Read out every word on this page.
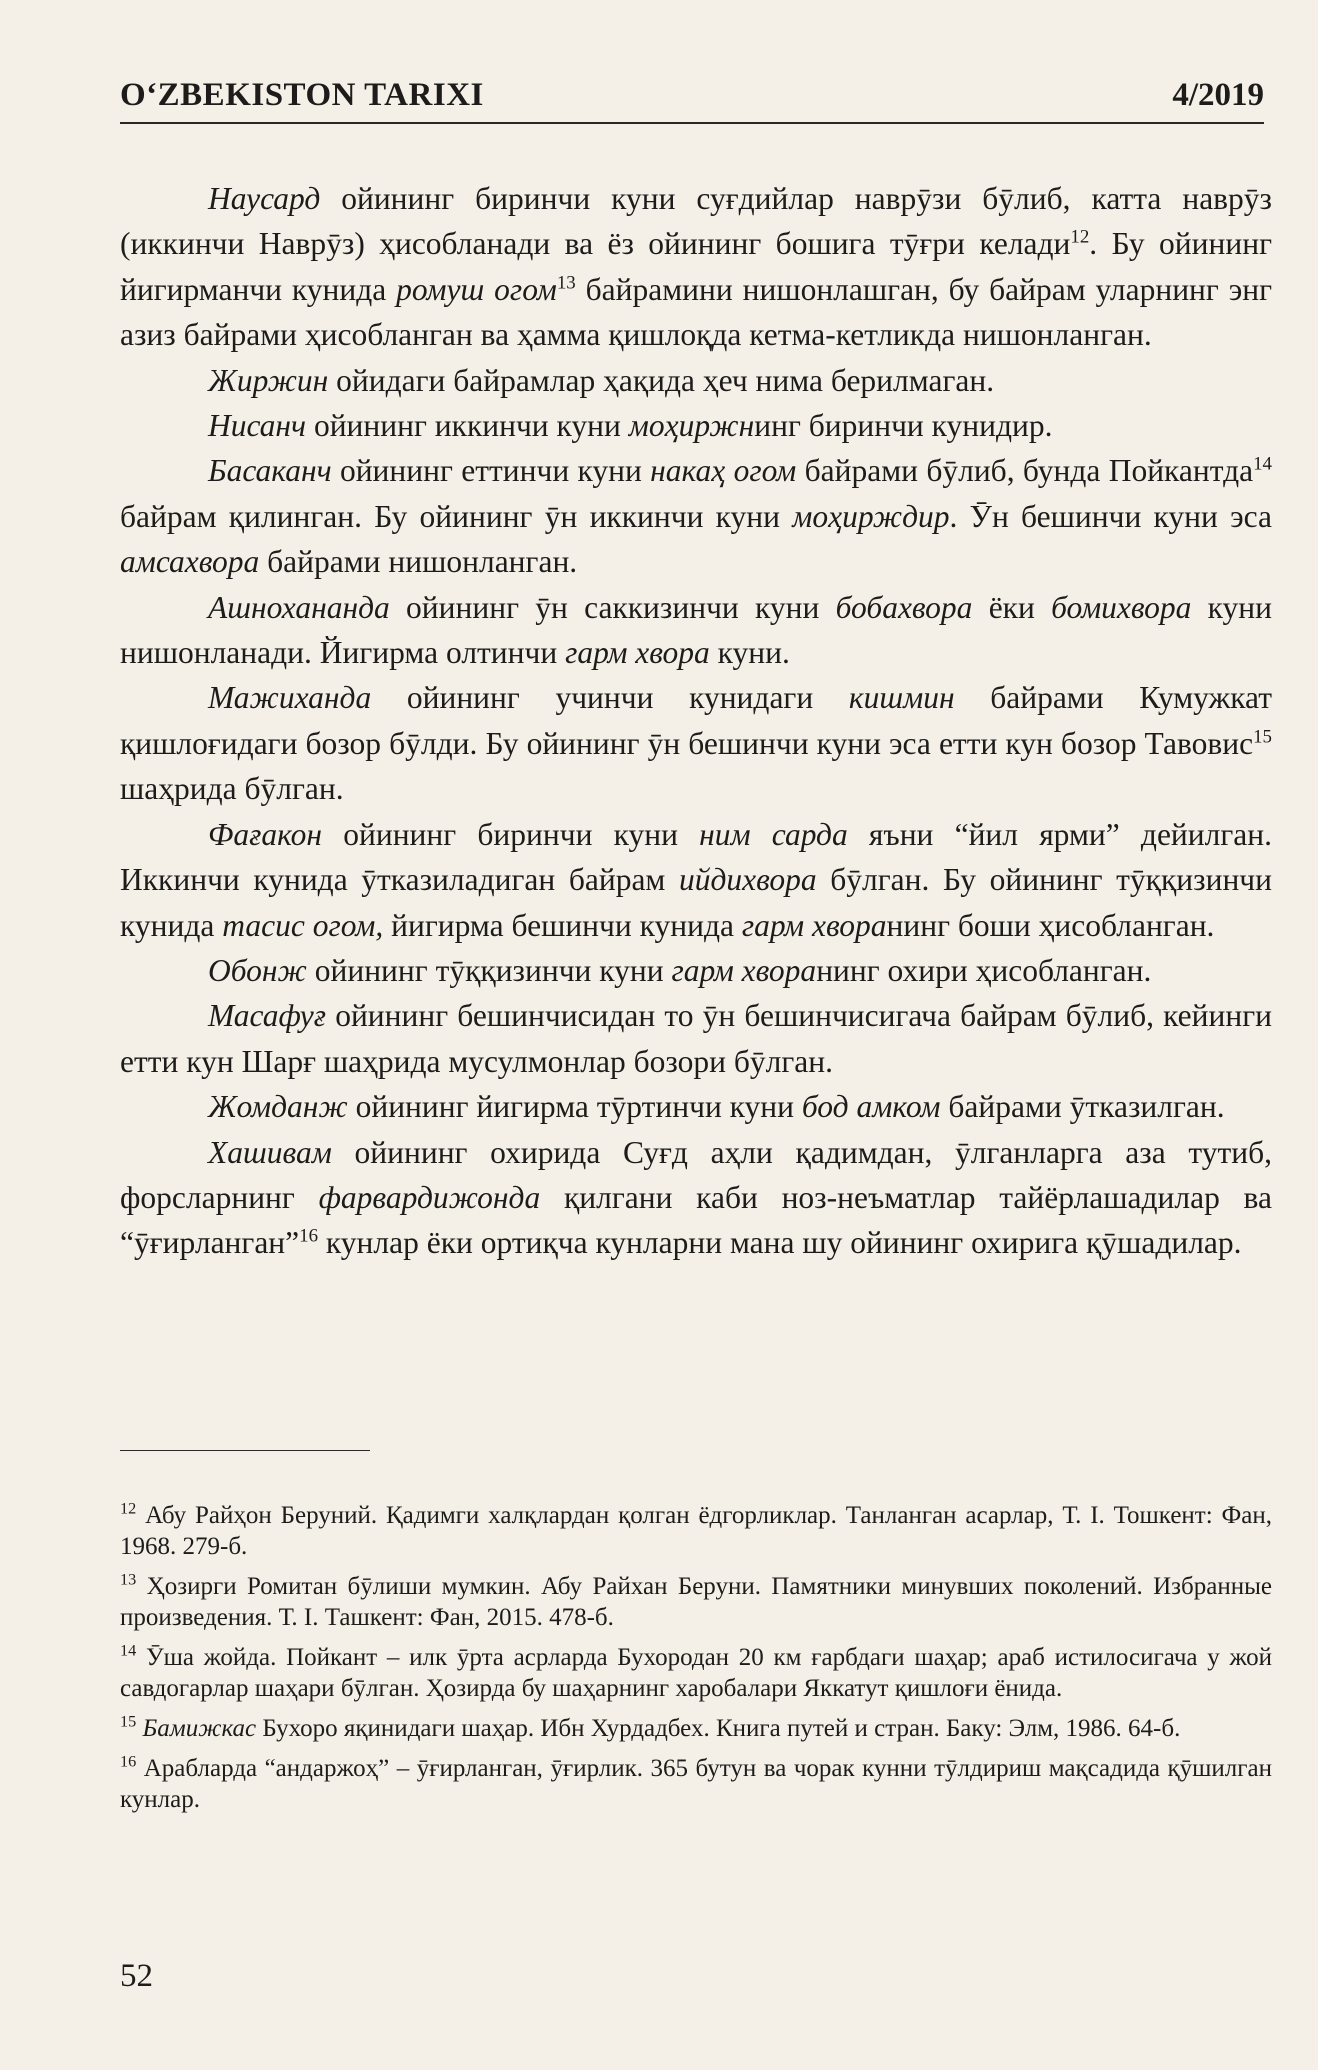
O‘ZBEKISTON TARIXI	4/2019

Наусард ойининг биринчи куни суғдийлар наврӯзи бӯлиб, катта наврӯз (иккинчи Наврӯз) ҳисобланади ва ёз ойининг бошига тӯғри келади$^{12}$. Бу ойининг йигирманчи кунида ромуш огом$^{13}$ байрамини нишонлашган, бу байрам уларнинг энг азиз байрами ҳисобланган ва ҳамма қишлоқда кетма-кетликда нишонланган.

Жиржин ойидаги байрамлар ҳақида ҳеч нима берилмаган.

Нисанч ойининг иккинчи куни моҳиржнинг биринчи кунидир.

Басаканч ойининг еттинчи куни накаҳ огом байрами бӯлиб, бунда Пойкантда$^{14}$ байрам қилинган. Бу ойининг ӯн иккинчи куни моҳирждир. Ӯн бешинчи куни эса амсахвора байрами нишонланган.

Ашнохананда ойининг ӯн саккизинчи куни бобахвора ёки бомихвора куни нишонланади. Йигирма олтинчи гарм хвора куни.

Мажиханда ойининг учинчи кунидаги кишмин байрами Кумужкат қишлоғидаги бозор бӯлди. Бу ойининг ӯн бешинчи куни эса етти кун бозор Тавовис$^{15}$ шаҳрида бӯлган.

Фағакон ойининг биринчи куни ним сарда яъни “йил ярми” дейилган. Иккинчи кунида ӯтказиладиган байрам ийдихвора бӯлган. Бу ойининг тӯққизинчи кунида тасис огом, йигирма бешинчи кунида гарм хворанинг боши ҳисобланган.

Обонж ойининг тӯққизинчи куни гарм хворанинг охири ҳисобланган.

Масафуғ ойининг бешинчисидан то ӯн бешинчисигача байрам бӯлиб, кейинги етти кун Шарғ шаҳрида мусулмонлар бозори бӯлган.

Жомданж ойининг йигирма тӯртинчи куни бод амком байрами ӯтказилган.

Хашивам ойининг охирида Суғд аҳли қадимдан, ӯлганларга аза тутиб, форсларнинг фарвардижонда қилгани каби ноз-неъматлар тайёрлашадилар ва “ӯғирланган”$^{16}$ кунлар ёки ортиқча кунларни мана шу ойининг охирига қӯшадилар.

$^{12}$ Абу Райҳон Беруний. Қадимги халқлардан қолган ёдгорликлар. Танланган асарлар, Т. I. Тошкент: Фан, 1968. 279-б.
$^{13}$ Ҳозирги Ромитан бӯлиши мумкин. Абу Райхан Беруни. Памятники минувших поколений. Избранные произведения. Т. I. Ташкент: Фан, 2015. 478-б.
$^{14}$ Ӯша жойда. Пойкант – илк ӯрта асрларда Бухородан 20 км ғарбдаги шаҳар; араб истилосигача у жой савдогарлар шаҳари бӯлган. Ҳозирда бу шаҳарнинг харобалари Яккатут қишлоғи ёнида.
$^{15}$ Бамижкас Бухоро яқинидаги шаҳар. Ибн Хурдадбех. Книга путей и стран. Баку: Элм, 1986. 64-б.
$^{16}$ Арабларда “андаржоҳ” – ӯғирланган, ӯғирлик. 365 бутун ва чорак кунни тӯлдириш мақсадида қӯшилган кунлар.
52
